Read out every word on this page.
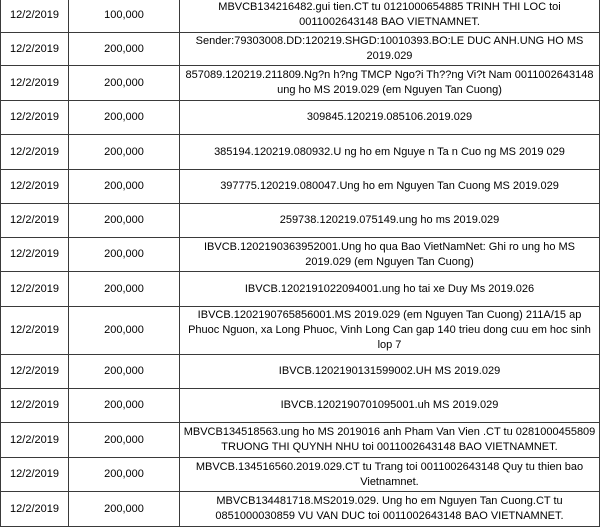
12/2/2019	100,000	MBVCB134216482.gui tien.CT tu 0121000654885 TRINH THI LOC toi 0011002643148 BAO VIETNAMNET.
12/2/2019	200,000	Sender:79303008.DD:120219.SHGD:10010393.BO:LE DUC ANH.UNG HO MS 2019.029
12/2/2019	200,000	857089.120219.211809.Ng?n h?ng TMCP Ngo?i Th??ng Vi?t Nam 0011002643148 ung ho MS 2019.029 (em Nguyen Tan Cuong)
12/2/2019	200,000	309845.120219.085106.2019.029
12/2/2019	200,000	385194.120219.080932.U ng ho em Nguye n Ta n Cuo ng MS 2019 029
12/2/2019	200,000	397775.120219.080047.Ung ho em Nguyen Tan Cuong MS 2019.029
12/2/2019	200,000	259738.120219.075149.ung ho ms 2019.029
12/2/2019	200,000	IBVCB.1202190363952001.Ung ho qua Bao VietNamNet: Ghi ro ung ho MS 2019.029 (em Nguyen Tan Cuong)
12/2/2019	200,000	IBVCB.1202191022094001.ung ho tai xe Duy Ms 2019.026
12/2/2019	200,000	IBVCB.1202190765856001.MS 2019.029 (em Nguyen Tan Cuong) 211A/15 ap Phuoc Nguon, xa Long Phuoc, Vinh Long Can gap 140 trieu dong cuu em hoc sinh lop 7
12/2/2019	200,000	IBVCB.1202190131599002.UH MS 2019.029
12/2/2019	200,000	IBVCB.1202190701095001.uh MS 2019.029
12/2/2019	200,000	MBVCB134518563.ung ho MS 2019016 anh Pham Van Vien .CT tu 0281000455809 TRUONG THI QUYNH NHU toi 0011002643148 BAO VIETNAMNET.
12/2/2019	200,000	MBVCB.134516560.2019.029.CT tu Trang toi 0011002643148 Quy tu thien bao Vietnamnet.
12/2/2019	200,000	MBVCB134481718.MS2019.029. Ung ho em Nguyen Tan Cuong.CT tu 0851000030859 VU VAN DUC toi 0011002643148 BAO VIETNAMNET.
